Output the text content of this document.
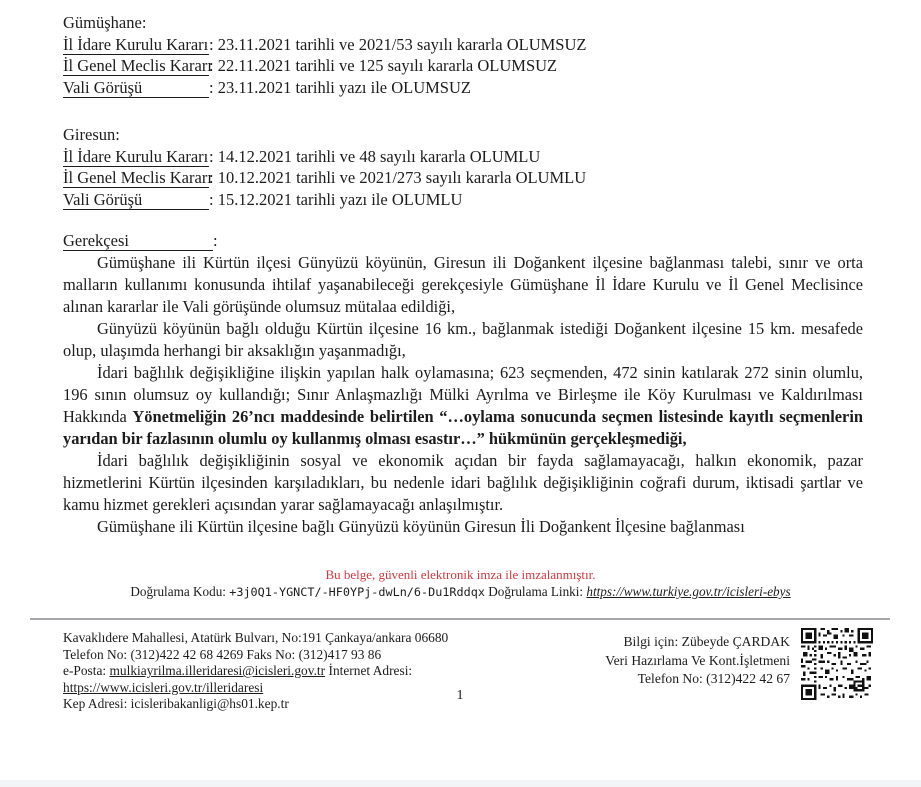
Gümüşhane:
İl İdare Kurulu Kararı: 23.11.2021 tarihli ve 2021/53 sayılı kararla OLUMSUZ
İl Genel Meclis Kararı: 22.11.2021 tarihli ve 125 sayılı kararla OLUMSUZ
Vali Görüşü	: 23.11.2021 tarihli yazı ile OLUMSUZ
Giresun:
İl İdare Kurulu Kararı: 14.12.2021 tarihli ve 48 sayılı kararla OLUMLU
İl Genel Meclis Kararı: 10.12.2021 tarihli ve 2021/273 sayılı kararla OLUMLU
Vali Görüşü	: 15.12.2021 tarihli yazı ile OLUMLU
Gerekçesi	:

Gümüşhane ili Kürtün ilçesi Günyüzü köyünün, Giresun ili Doğankent ilçesine bağlanması talebi, sınır ve orta malların kullanımı konusunda ihtilaf yaşanabileceği gerekçesiyle Gümüşhane İl İdare Kurulu ve İl Genel Meclisince alınan kararlar ile Vali görüşünde olumsuz mütalaa edildiği,

Günyüzü köyünün bağlı olduğu Kürtün ilçesine 16 km., bağlanmak istediği Doğankent ilçesine 15 km. mesafede olup, ulaşımda herhangi bir aksaklığın yaşanmadığı,

İdari bağlılık değişikliğine ilişkin yapılan halk oylamasına; 623 seçmenden, 472 sinin katılarak 272 sinin olumlu, 196 sının olumsuz oy kullandığı; Sınır Anlaşmazlığı Mülki Ayrılma ve Birleşme ile Köy Kurulması ve Kaldırılması Hakkında Yönetmeliğin 26’ncı maddesinde belirtilen “…oylama sonucunda seçmen listesinde kayıtlı seçmenlerin yarıdan bir fazlasının olumlu oy kullanmış olması esastır…” hükmünün gerçekleşmediği,

İdari bağlılık değişikliğinin sosyal ve ekonomik açıdan bir fayda sağlamayacağı, halkın ekonomik, pazar hizmetlerini Kürtün ilçesinden karşıladıkları, bu nedenle idari bağlılık değişikliğinin coğrafi durum, iktisadi şartlar ve kamu hizmet gerekleri açısından yarar sağlamayacağı anlaşılmıştır.

Gümüşhane ili Kürtün ilçesine bağlı Günyüzü köyünün Giresun İli Doğankent İlçesine bağlanması

Bu belge, güvenli elektronik imza ile imzalanmıştır.
Doğrulama Kodu: +3j0Q1-YGNCT/-HF0YPj-dwLn/6-Du1Rddqx Doğrulama Linki: https://www.turkiye.gov.tr/icisleri-ebys
Kavaklıdere Mahallesi, Atatürk Bulvarı, No:191 Çankaya/ankara 06680
Telefon No: (312)422 42 68 4269 Faks No: (312)417 93 86
e-Posta: mulkiayrilma.illeridaresi@icisleri.gov.tr İnternet Adresi:
https://www.icisleri.gov.tr/illeridaresi
Kep Adresi: icisleribakanligi@hs01.kep.tr
1
Bilgi için: Zübeyde ÇARDAK
Veri Hazırlama Ve Kont.İşletmeni
Telefon No: (312)422 42 67
